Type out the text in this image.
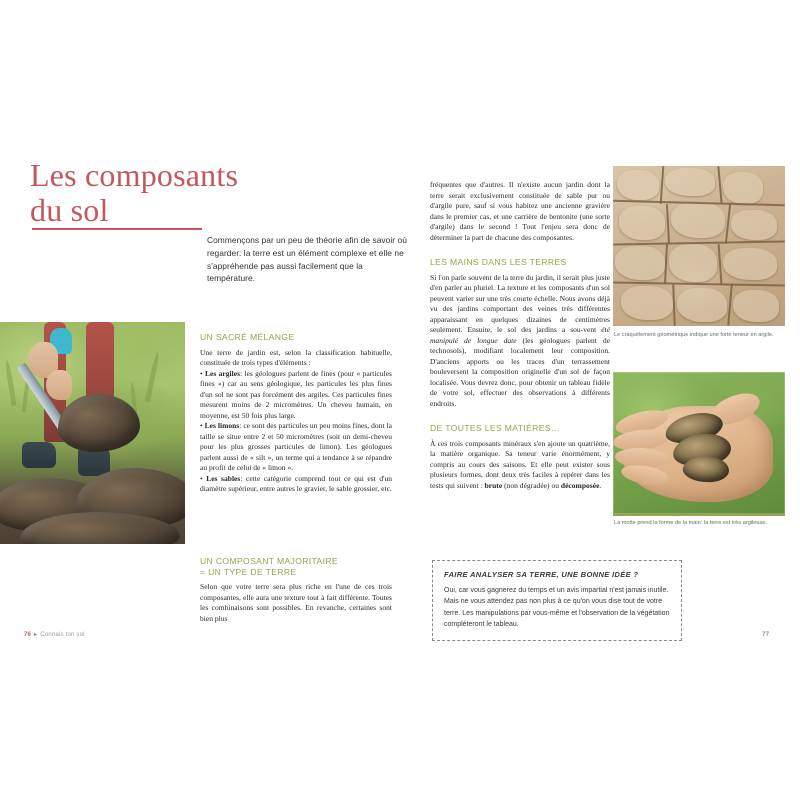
Les composants
du sol
Commençons par un peu de théorie afin de savoir où regarder: la terre est un élément complexe et elle ne s'appréhende pas aussi facilement que la température.
UN SACRÉ MÉLANGE

Une terre de jardin est, selon la classification habituelle, constituée de trois types d'éléments :

• Les argiles: les géologues parlent de fines (pour « particules fines ») car au sens géologique, les particules les plus fines d'un sol ne sont pas forcément des argiles. Ces particules fines mesurent moins de 2 micromètres. Un cheveu humain, en moyenne, est 50 fois plus large.

• Les limons: ce sont des particules un peu moins fines, dont la taille se situe entre 2 et 50 micromètres (soit un demi-cheveu pour les plus grosses particules de limon). Les géologues parlent aussi de « silt », un terme qui a tendance à se répandre au profit de celui de « limon ».

• Les sables: cette catégorie comprend tout ce qui est d'un diamètre supérieur, entre autres le gravier, le sable grossier, etc.

UN COMPOSANT MAJORITAIRE
= UN TYPE DE TERRE

Selon que votre terre sera plus riche en l'une de ces trois composantes, elle aura une texture tout à fait différente. Toutes les combinaisons sont possibles. En revanche, certaines sont bien plus

fréquentes que d'autres. Il n'existe aucun jardin dont la terre serait exclusivement constituée de sable pur ou d'argile pure, sauf si vous habitez une ancienne gravière dans le premier cas, et une carrière de bentonite (une sorte d'argile) dans le second ! Tout l'enjeu sera donc de déterminer la part de chacune des composantes.

LES MAINS DANS LES TERRES

Si l'on parle souvent de la terre du jardin, il serait plus juste d'en parler au pluriel. La texture et les composants d'un sol peuvent varier sur une très courte échelle. Nous avons déjà vu des jardins comportant des veines très différentes apparaissant en quelques dizaines de centimètres seulement. Ensuite, le sol des jardins a sou-vent été manipulé de longue date (les géologues parlent de technosols), modifiant localement leur composition. D'anciens apports ou les traces d'un terrassement bouleversent la composition originelle d'un sol de façon localisée. Vous devrez donc, pour obtenir un tableau fidèle de votre sol, effectuer des observations à différents endroits.

DE TOUTES LES MATIÈRES…

À ces trois composants minéraux s'en ajoute un quatrième, la matière organique. Sa teneur varie énormément, y compris au cours des saisons. Et elle peut exister sous plusieurs formes, dont deux très faciles à repérer dans les tests qui suivent : brute (non dégradée) ou décomposée.

Le craquèlement géométrique indique une forte teneur en argile.
La motte prend la forme de la main: la terre est très argileuse.
FAIRE ANALYSER SA TERRE, UNE BONNE IDÉE ?
Oui, car vous gagnerez du temps et un avis impartial n'est jamais inutile. Mais ne vous attendez pas non plus à ce qu'on vous dise tout de votre terre. Les manipulations par vous-même et l'observation de la végétation compléteront le tableau.
76 ▸ Connais ton sol	77
